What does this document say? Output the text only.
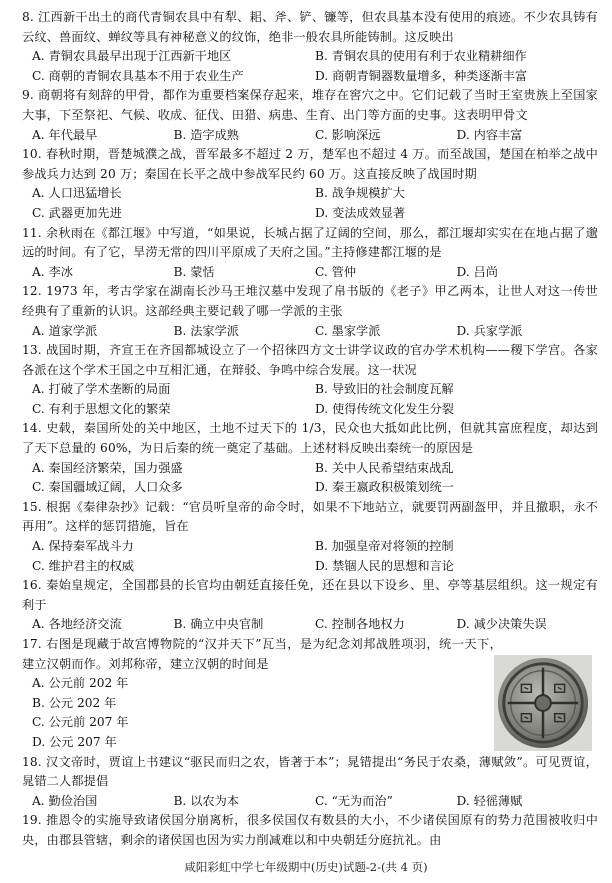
8. 江西新干出土的商代青铜农具中有犁、耜、斧、铲、镰等，但农具基本没有使用的痕迹。不少农具铸有云纹、兽面纹、蝉纹等具有神秘意义的纹饰，绝非一般农具所能铸制。这反映出

A. 青铜农具最早出现于江西新干地区	B. 青铜农具的使用有利于农业精耕细作
C. 商朝的青铜农具基本不用于农业生产	D. 商朝青铜器数量增多，种类逐渐丰富

9. 商朝将有刻辞的甲骨，都作为重要档案保存起来，堆存在窖穴之中。它们记载了当时王室贵族上至国家大事，下至祭祀、气候、收成、征伐、田猎、病患、生育、出门等方面的史事。这表明甲骨文

A. 年代最早	B. 造字成熟	C. 影响深远	D. 内容丰富

10. 春秋时期，晋楚城濮之战，晋军最多不超过 2 万，楚军也不超过 4 万。而至战国，楚国在柏举之战中参战兵力达到 20 万；秦国在长平之战中参战军民约 60 万。这直接反映了战国时期

A. 人口迅猛增长	B. 战争规模扩大
C. 武器更加先进	D. 变法成效显著

11. 余秋雨在《都江堰》中写道，“如果说，长城占据了辽阔的空间，那么，都江堰却实实在在地占据了邈远的时间。有了它，旱涝无常的四川平原成了天府之国。”主持修建都江堰的是

A. 李冰	B. 蒙恬	C. 管仲	D. 吕尚

12. 1973 年，考古学家在湖南长沙马王堆汉墓中发现了帛书版的《老子》甲乙两本，让世人对这一传世经典有了重新的认识。这部经典主要记载了哪一学派的主张

A. 道家学派	B. 法家学派	C. 墨家学派	D. 兵家学派

13. 战国时期，齐宣王在齐国都城设立了一个招徕四方文士讲学议政的官办学术机构——稷下学宫。各家各派在这个学术王国之中互相汇通，在辩驳、争鸣中综合发展。这一状况

A. 打破了学术垄断的局面	B. 导致旧的社会制度瓦解
C. 有利于思想文化的繁荣	D. 使得传统文化发生分裂

14. 史载，秦国所处的关中地区，土地不过天下的 1/3，民众也大抵如此比例，但就其富庶程度，却达到了天下总量的 60%，为日后秦的统一奠定了基础。上述材料反映出秦统一的原因是

A. 秦国经济繁荣，国力强盛	B. 关中人民希望结束战乱
C. 秦国疆域辽阔，人口众多	D. 秦王嬴政积极策划统一

15. 根据《秦律杂抄》记载：“官员听皇帝的命令时，如果不下地站立，就要罚两副盔甲，并且撤职，永不再用”。这样的惩罚措施，旨在

A. 保持秦军战斗力	B. 加强皇帝对将领的控制
C. 维护君主的权威	D. 禁锢人民的思想和言论

16. 秦始皇规定，全国郡县的长官均由朝廷直接任免，还在县以下设乡、里、亭等基层组织。这一规定有利于

A. 各地经济交流	B. 确立中央官制	C. 控制各地权力	D. 减少决策失误

17. 右图是现藏于故宫博物院的“汉并天下”瓦当，是为纪念刘邦战胜项羽，统一天下，建立汉朝而作。刘邦称帝，建立汉朝的时间是

A. 公元前 202 年
B. 公元 202 年
C. 公元前 207 年
D. 公元 207 年

18. 汉文帝时，贾谊上书建议“驱民而归之农，皆著于本”；晁错提出“务民于农桑，薄赋敛”。可见贾谊，晁错二人都提倡

A. 勤俭治国	B. 以农为本	C. “无为而治”	D. 轻徭薄赋

19. 推恩令的实施导致诸侯国分崩离析，很多侯国仅有数县的大小，不少诸侯国原有的势力范围被收归中央，由郡县管辖，剩余的诸侯国也因为实力削减难以和中央朝廷分庭抗礼。由

咸阳彩虹中学七年级期中(历史)试题-2-(共 4 页)
